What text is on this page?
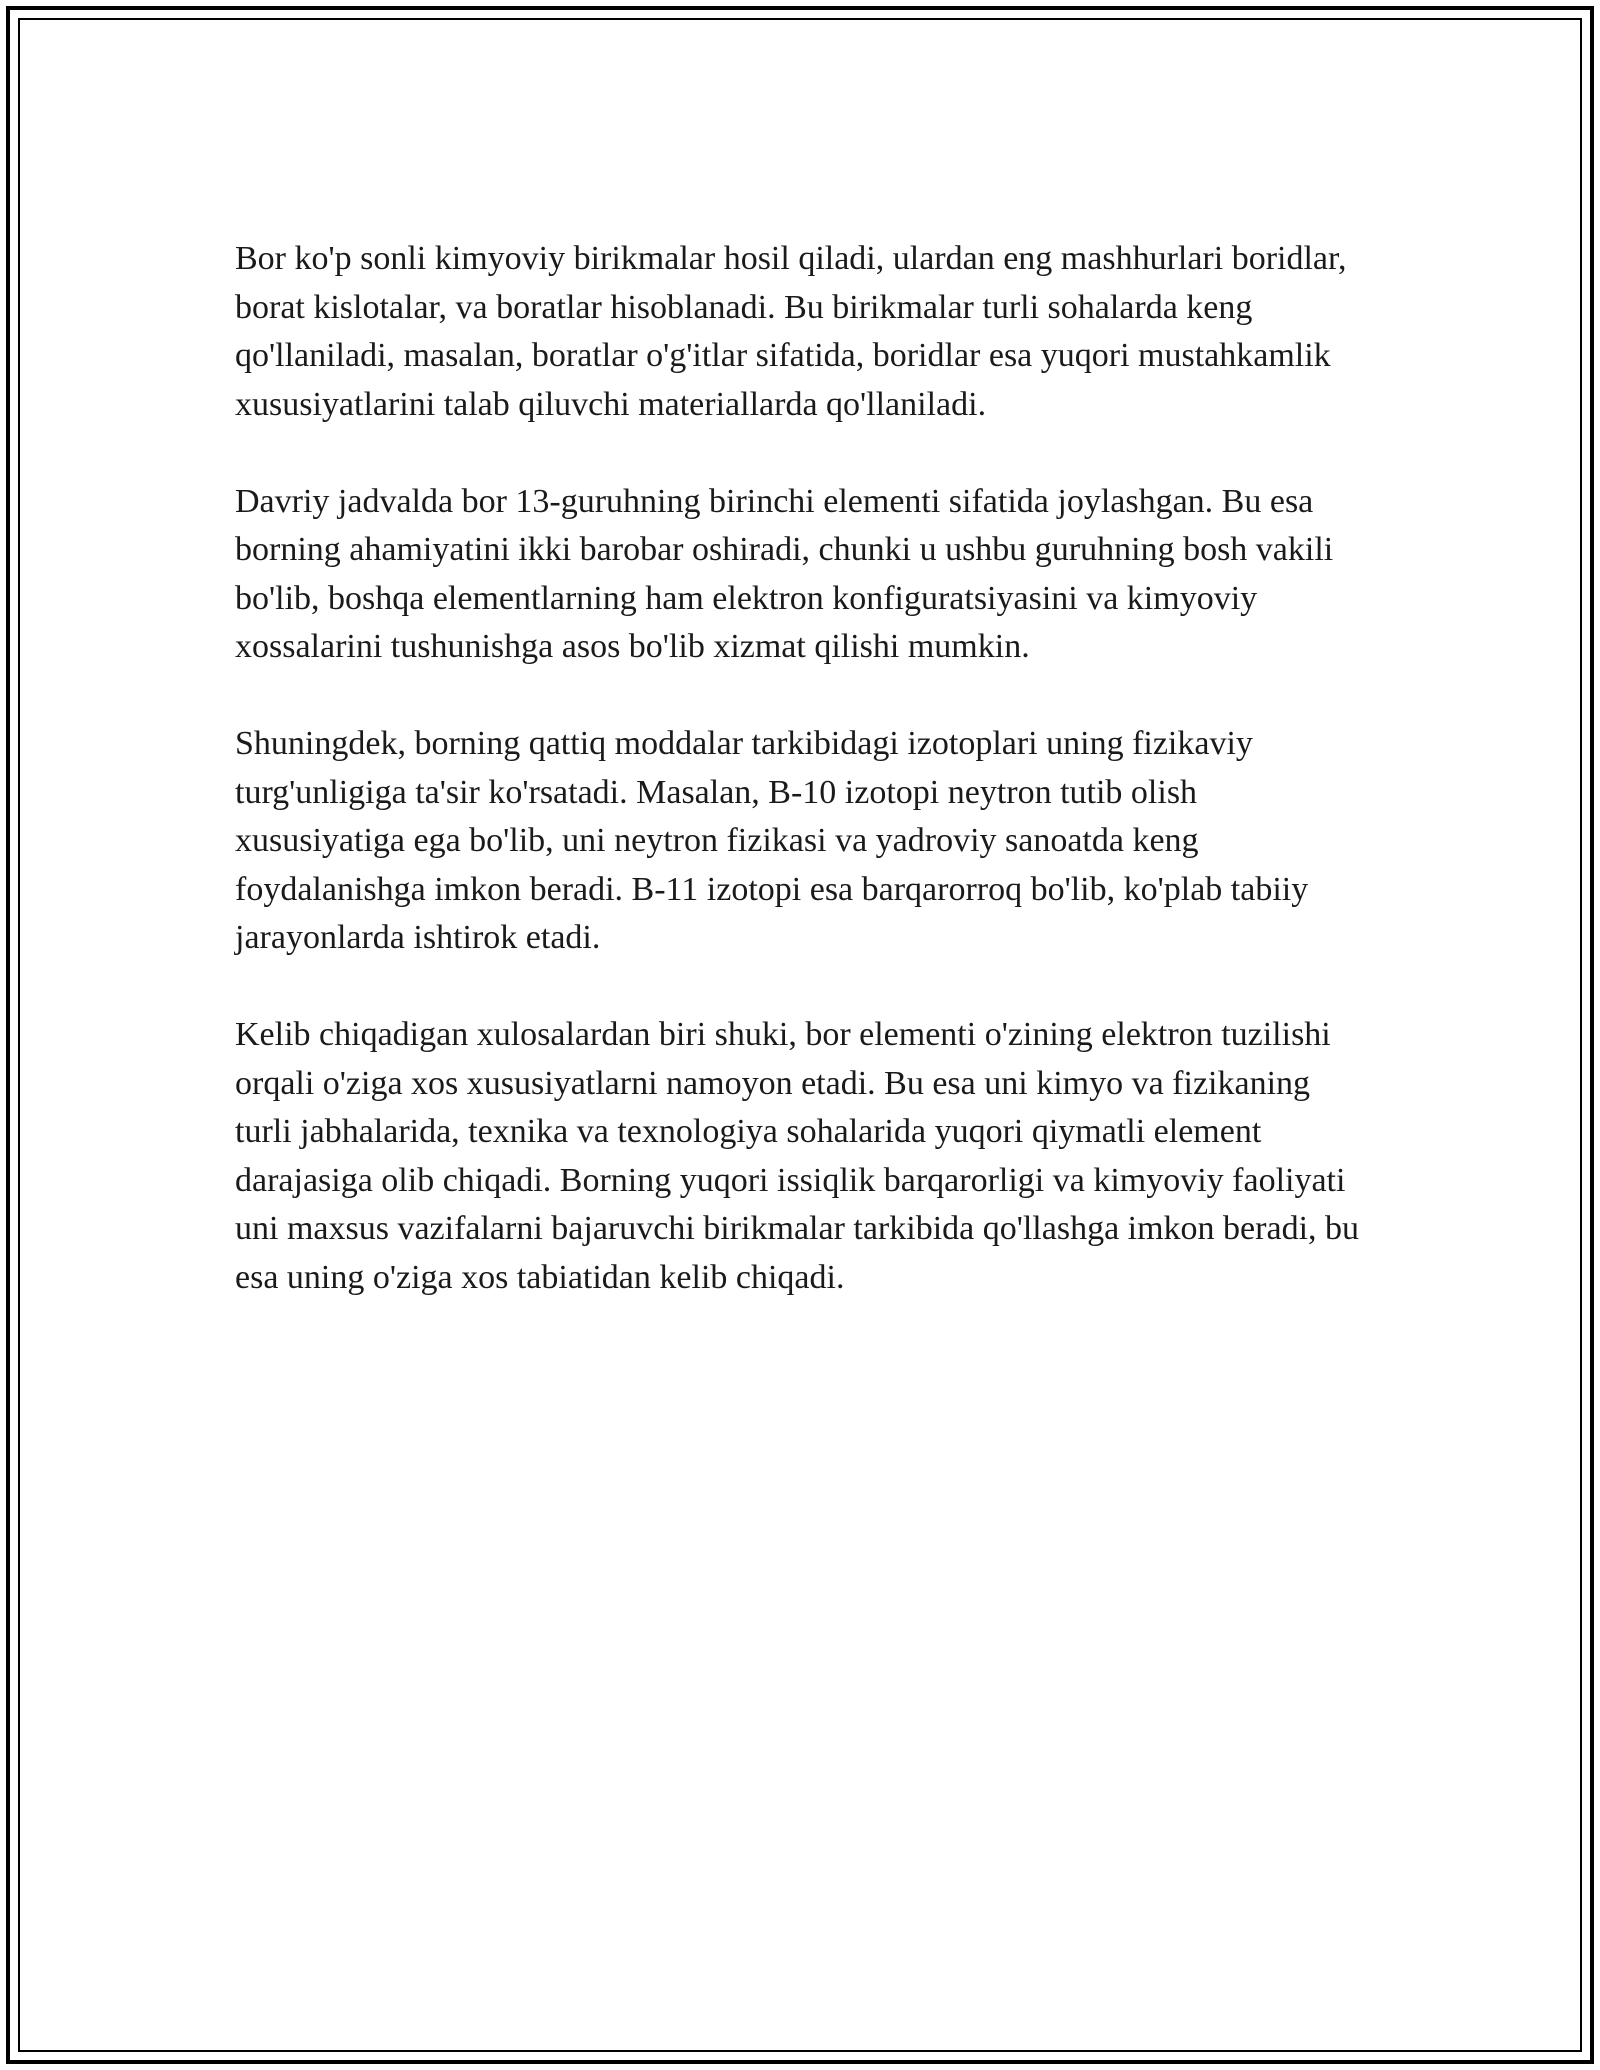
Bor ko'p sonli kimyoviy birikmalar hosil qiladi, ulardan eng mashhurlari boridlar, borat kislotalar, va boratlar hisoblanadi. Bu birikmalar turli sohalarda keng qo'llaniladi, masalan, boratlar o'g'itlar sifatida, boridlar esa yuqori mustahkamlik xususiyatlarini talab qiluvchi materiallarda qo'llaniladi.

Davriy jadvalda bor 13-guruhning birinchi elementi sifatida joylashgan. Bu esa borning ahamiyatini ikki barobar oshiradi, chunki u ushbu guruhning bosh vakili bo'lib, boshqa elementlarning ham elektron konfiguratsiyasini va kimyoviy xossalarini tushunishga asos bo'lib xizmat qilishi mumkin.

Shuningdek, borning qattiq moddalar tarkibidagi izotoplari uning fizikaviy turg'unligiga ta'sir ko'rsatadi. Masalan, B-10 izotopi neytron tutib olish xususiyatiga ega bo'lib, uni neytron fizikasi va yadroviy sanoatda keng foydalanishga imkon beradi. B-11 izotopi esa barqarorroq bo'lib, ko'plab tabiiy jarayonlarda ishtirok etadi.

Kelib chiqadigan xulosalardan biri shuki, bor elementi o'zining elektron tuzilishi orqali o'ziga xos xususiyatlarni namoyon etadi. Bu esa uni kimyo va fizikaning turli jabhalarida, texnika va texnologiya sohalarida yuqori qiymatli element darajasiga olib chiqadi. Borning yuqori issiqlik barqarorligi va kimyoviy faoliyati uni maxsus vazifalarni bajaruvchi birikmalar tarkibida qo'llashga imkon beradi, bu esa uning o'ziga xos tabiatidan kelib chiqadi.
